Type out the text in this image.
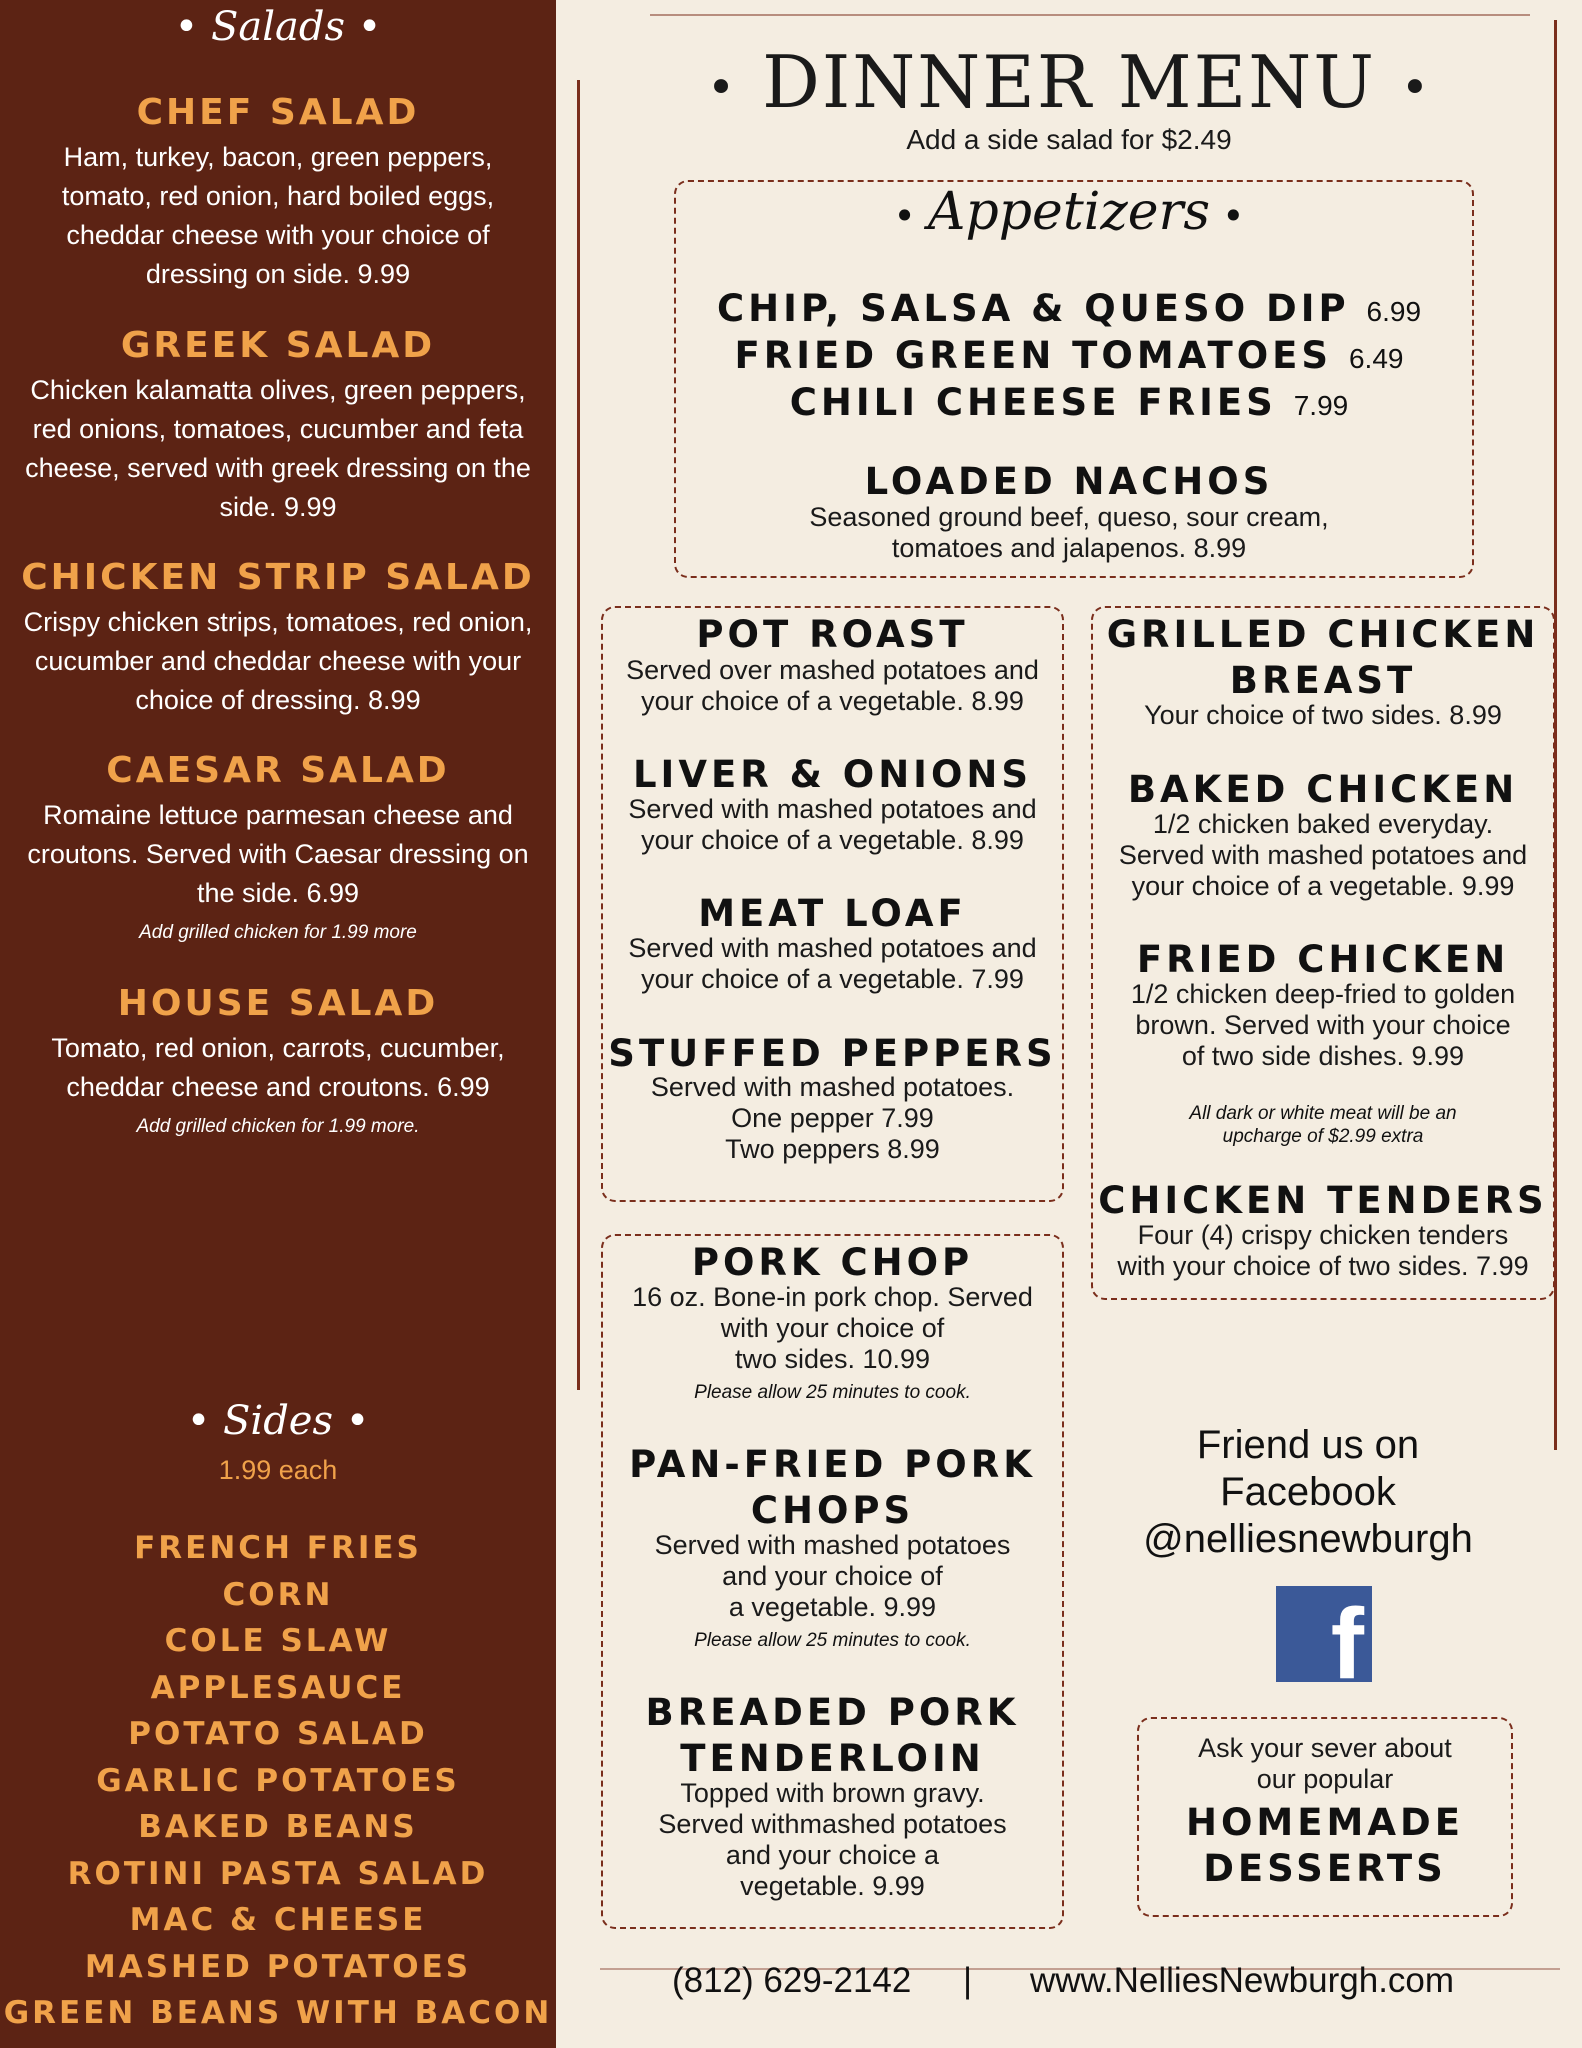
• Salads •
CHEF SALAD
Ham, turkey, bacon, green peppers,
tomato, red onion, hard boiled eggs,
cheddar cheese with your choice of
dressing on side. 9.99
GREEK SALAD
Chicken kalamatta olives, green peppers,
red onions, tomatoes, cucumber and feta
cheese, served with greek dressing on the
side. 9.99
CHICKEN STRIP SALAD
Crispy chicken strips, tomatoes, red onion,
cucumber and cheddar cheese with your
choice of dressing. 8.99
CAESAR SALAD
Romaine lettuce parmesan cheese and
croutons. Served with Caesar dressing on
the side. 6.99
Add grilled chicken for 1.99 more
HOUSE SALAD
Tomato, red onion, carrots, cucumber,
cheddar cheese and croutons. 6.99
Add grilled chicken for 1.99 more.
• Sides •
1.99 each
FRENCH FRIES
CORN
COLE SLAW
APPLESAUCE
POTATO SALAD
GARLIC POTATOES
BAKED BEANS
ROTINI PASTA SALAD
MAC & CHEESE
MASHED POTATOES
GREEN BEANS WITH BACON
• DINNER MENU •
Add a side salad for $2.49
• Appetizers •
CHIP, SALSA & QUESO DIP 6.99
FRIED GREEN TOMATOES 6.49
CHILI CHEESE FRIES 7.99
LOADED NACHOS
Seasoned ground beef, queso, sour cream,
tomatoes and jalapenos. 8.99
POT ROAST
Served over mashed potatoes and
your choice of a vegetable. 8.99
LIVER & ONIONS
Served with mashed potatoes and
your choice of a vegetable. 8.99
MEAT LOAF
Served with mashed potatoes and
your choice of a vegetable. 7.99
STUFFED PEPPERS
Served with mashed potatoes.
One pepper 7.99
Two peppers 8.99
GRILLED CHICKEN
BREAST
Your choice of two sides. 8.99
BAKED CHICKEN
1/2 chicken baked everyday.
Served with mashed potatoes and
your choice of a vegetable. 9.99
FRIED CHICKEN
1/2 chicken deep-fried to golden
brown. Served with your choice
of two side dishes. 9.99
All dark or white meat will be an
upcharge of $2.99 extra
CHICKEN TENDERS
Four (4) crispy chicken tenders
with your choice of two sides. 7.99
PORK CHOP
16 oz. Bone-in pork chop. Served
with your choice of
two sides. 10.99
Please allow 25 minutes to cook.
PAN-FRIED PORK
CHOPS
Served with mashed potatoes
and your choice of
a vegetable. 9.99
Please allow 25 minutes to cook.
BREADED PORK
TENDERLOIN
Topped with brown gravy.
Served withmashed potatoes
and your choice a
vegetable. 9.99
Friend us on
Facebook
@nelliesnewburgh
f
Ask your sever about
our popular
HOMEMADE
DESSERTS
(812) 629-2142 | www.NelliesNewburgh.com
